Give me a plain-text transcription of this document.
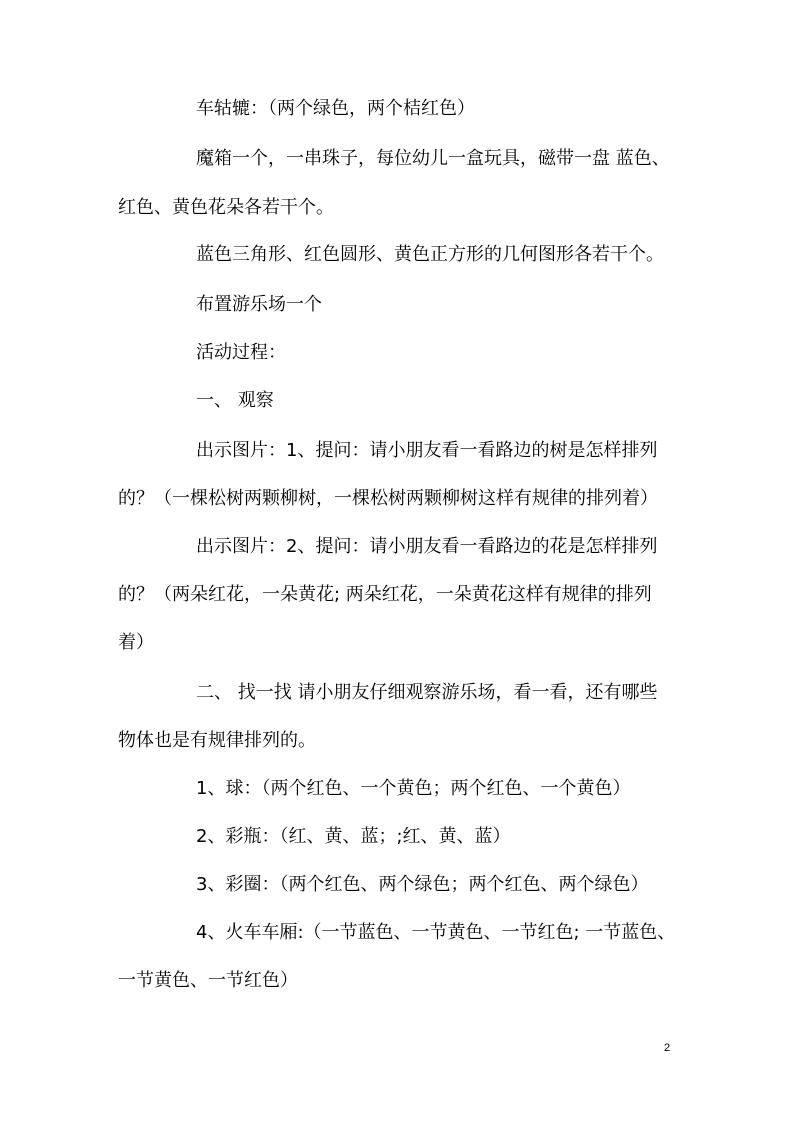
车轱辘：（两个绿色，两个桔红色）
魔箱一个，一串珠子，每位幼儿一盒玩具，磁带一盘 蓝色、
红色、黄色花朵各若干个。
蓝色三角形、红色圆形、黄色正方形的几何图形各若干个。
布置游乐场一个
活动过程：
一、 观察
出示图片：1、提问：请小朋友看一看路边的树是怎样排列
的？（一棵松树两颗柳树，一棵松树两颗柳树这样有规律的排列着）
出示图片：2、提问：请小朋友看一看路边的花是怎样排列
的？（两朵红花，一朵黄花; 两朵红花，一朵黄花这样有规律的排列
着）
二、 找一找 请小朋友仔细观察游乐场，看一看，还有哪些
物体也是有规律排列的。
1、球：（两个红色、一个黄色；两个红色、一个黄色）
2、彩瓶：（红、黄、蓝；;红、黄、蓝）
3、彩圈：（两个红色、两个绿色；两个红色、两个绿色）
4、火车车厢:（一节蓝色、一节黄色、一节红色; 一节蓝色、
一节黄色、一节红色）
2
